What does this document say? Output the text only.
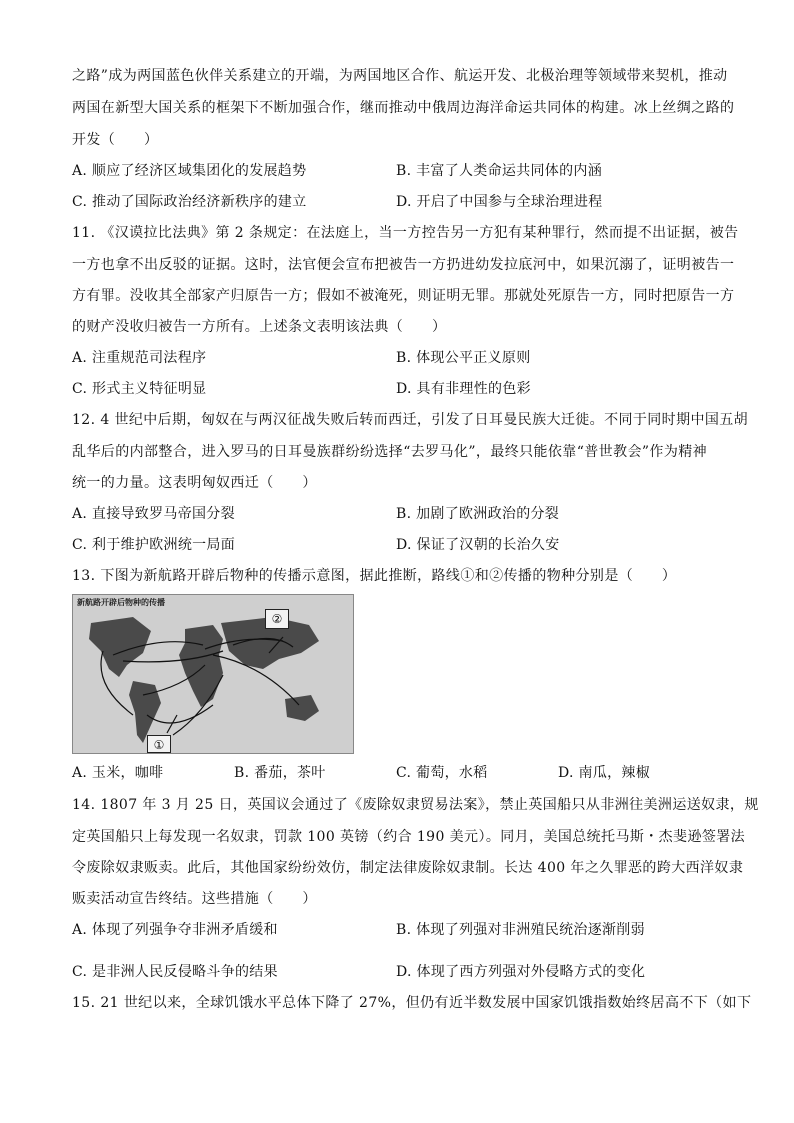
之路”成为两国蓝色伙伴关系建立的开端，为两国地区合作、航运开发、北极治理等领域带来契机，推动
两国在新型大国关系的框架下不断加强合作，继而推动中俄周边海洋命运共同体的构建。冰上丝绸之路的
开发（　　）
A. 顺应了经济区域集团化的发展趋势	B. 丰富了人类命运共同体的内涵
C. 推动了国际政治经济新秩序的建立	D. 开启了中国参与全球治理进程
11. 《汉谟拉比法典》第 2 条规定：在法庭上，当一方控告另一方犯有某种罪行，然而提不出证据，被告
一方也拿不出反驳的证据。这时，法官便会宣布把被告一方扔进幼发拉底河中，如果沉溺了，证明被告一
方有罪。没收其全部家产归原告一方；假如不被淹死，则证明无罪。那就处死原告一方，同时把原告一方
的财产没收归被告一方所有。上述条文表明该法典（　　）
A. 注重规范司法程序	B. 体现公平正义原则
C. 形式主义特征明显	D. 具有非理性的色彩
12. 4 世纪中后期，匈奴在与两汉征战失败后转而西迁，引发了日耳曼民族大迁徙。不同于同时期中国五胡
乱华后的内部整合，进入罗马的日耳曼族群纷纷选择“去罗马化”，最终只能依靠“普世教会”作为精神
统一的力量。这表明匈奴西迁（　　）
A. 直接导致罗马帝国分裂	B. 加剧了欧洲政治的分裂
C. 利于维护欧洲统一局面	D. 保证了汉朝的长治久安
13. 下图为新航路开辟后物种的传播示意图，据此推断，路线①和②传播的物种分别是（　　）
新航路开辟后物种的传播
②
①
A. 玉米，咖啡	B. 番茄，茶叶	C. 葡萄，水稻	D. 南瓜，辣椒
14. 1807 年 3 月 25 日，英国议会通过了《废除奴隶贸易法案》，禁止英国船只从非洲往美洲运送奴隶，规
定英国船只上每发现一名奴隶，罚款 100 英镑（约合 190 美元）。同月，美国总统托马斯・杰斐逊签署法
令废除奴隶贩卖。此后，其他国家纷纷效仿，制定法律废除奴隶制。长达 400 年之久罪恶的跨大西洋奴隶
贩卖活动宣告终结。这些措施（　　）
A. 体现了列强争夺非洲矛盾缓和	B. 体现了列强对非洲殖民统治逐渐削弱
C. 是非洲人民反侵略斗争的结果	D. 体现了西方列强对外侵略方式的变化
15. 21 世纪以来，全球饥饿水平总体下降了 27%，但仍有近半数发展中国家饥饿指数始终居高不下（如下
